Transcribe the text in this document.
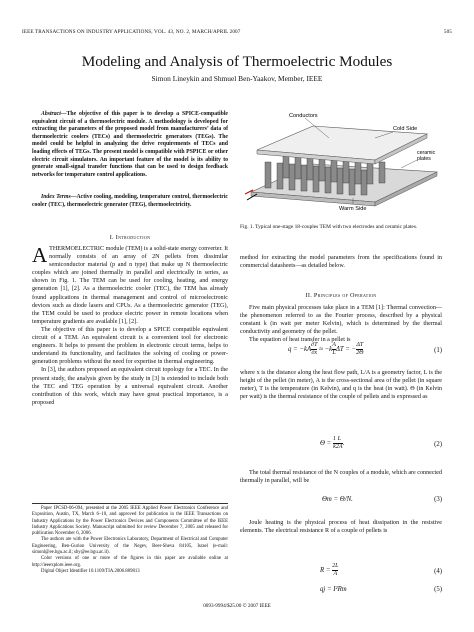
IEEE TRANSACTIONS ON INDUSTRY APPLICATIONS, VOL. 43, NO. 2, MARCH/APRIL 2007	505
Modeling and Analysis of Thermoelectric Modules
Simon Lineykin and Shmuel Ben-Yaakov, Member, IEEE

Abstract—The objective of this paper is to develop a SPICE-compatible equivalent circuit of a thermoelectric module. A methodology is developed for extracting the parameters of the proposed model from manufacturers’ data of thermoelectric coolers (TECs) and thermoelectric generators (TEGs). The model could be helpful in analyzing the drive requirements of TECs and loading effects of TEGs. The present model is compatible with PSPICE or other electric circuit simulators. An important feature of the model is its ability to generate small-signal transfer functions that can be used to design feedback networks for temperature control applications.

Index Terms—Active cooling, modeling, temperature control, thermoelectric cooler (TEC), thermoelectric generator (TEG), thermoelectricity.

I. Introduction
ATHERMOELECTRIC module (TEM) is a solid-state energy converter. It normally consists of an array of 2N pellets from dissimilar semiconductor material (p and n type) that make up N thermoelectric couples which are joined thermally in parallel and electrically in series, as shown in Fig. 1. The TEM can be used for cooling, heating, and energy generation [1], [2]. As a thermoelectric cooler (TEC), the TEM has already found applications in thermal management and control of microelectronic devices such as diode lasers and CPUs. As a thermoelectric generator (TEG), the TEM could be used to produce electric power in remote locations when temperature gradients are available [1], [2].

The objective of this paper is to develop a SPICE compatible equivalent circuit of a TEM. An equivalent circuit is a convenient tool for electronic engineers. It helps to present the problem in electronic circuit terms, helps to understand its functionality, and facilitates the solving of cooling or power-generation problems without the need for expertise in thermal engineering.

In [3], the authors proposed an equivalent circuit topology for a TEC. In the present study, the analysis given by the study in [3] is extended to include both the TEC and TEG operation by a universal equivalent circuit. Another contribution of this work, which may have great practical importance, is a proposed

Paper IPCSD-06-094, presented at the 2005 IEEE Applied Power Electronics Conference and Exposition, Austin, TX, March 6–10, and approved for publication in the IEEE Transactions on Industry Applications by the Power Electronics Devices and Components Committee of the IEEE Industry Applications Society. Manuscript submitted for review December 7, 2005 and released for publication November 6, 2006.

The authors are with the Power Electronics Laboratory, Department of Electrical and Computer Engineering, Ben-Gurion University of the Negev, Beer-Sheva 84105, Israel (e-mail: simonl@ee.bgu.ac.il; sby@ee.bgu.ac.il).

Color versions of one or more of the figures in this paper are available online at http://ieeexplore.ieee.org.

Digital Object Identifier 10.1109/TIA.2006.889813

Conductors
Cold Side
ceramic plates
Warm Side
Fig. 1. Typical one-stage 18-couples TEM with two electrodes and ceramic plates.
method for extracting the model parameters from the specifications found in commercial datasheets—as detailed below.
II. Principles of Operation

Five main physical processes take place in a TEM [1]: Thermal convection—the phenomenon referred to as the Fourier process, described by a physical constant k (in watt per meter Kelvin), which is determined by the thermal conductivity and geometry of the pellet.

The equation of heat transfer in a pellet is

$q = -kA \frac{\partial T}{\partial x} \approx -k \frac{A}{L}$ ΔT = − $\frac{\Delta T}{2\Theta}$	(1)
where x is the distance along the heat flow path, L/A is a geometry factor, L is the height of the pellet (in meter), A is the cross-sectional area of the pellet (in square meter), T is the temperature (in Kelvin), and q is the heat (in watt). Θ (in Kelvin per watt) is the thermal resistance of the couple of pellets and is expressed as
$\Theta = \frac{1}{k} \frac{L}{2A}$ .	(2)

The total thermal resistance of the N couples of a module, which are connected thermally in parallel, will be

Θm = Θ/N.	(3)

Joule heating is the physical process of heat dissipation in the resistive elements. The electrical resistance R of a couple of pellets is

$R = \frac{2L}{A}$	(4)
qj = I²Rm	(5)
0093-9994/$25.00 © 2007 IEEE
